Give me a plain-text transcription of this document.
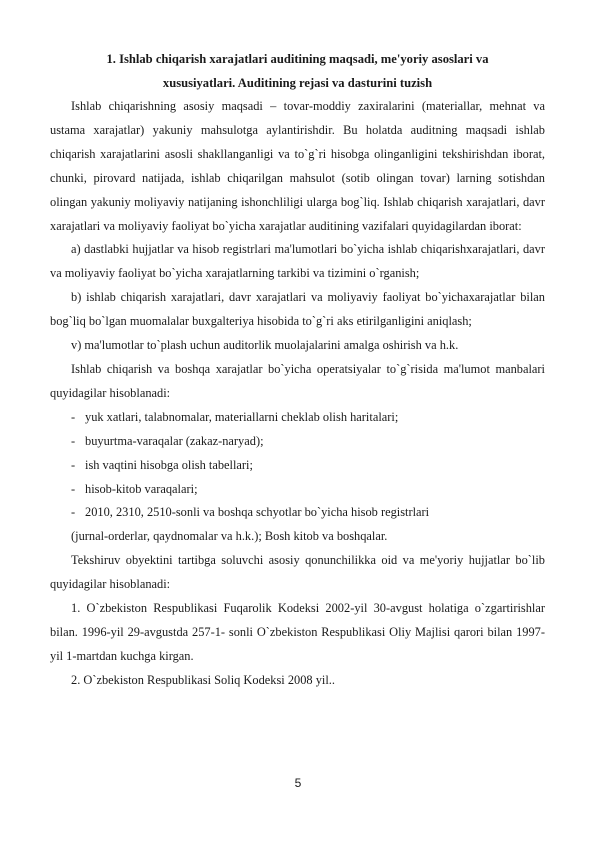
1. Ishlab chiqarish xarajatlari auditining maqsadi, me'yoriy asoslari va
xususiyatlari. Auditining rejasi va dasturini tuzish

Ishlab chiqarishning asosiy maqsadi – tovar-moddiy zaxiralarini (materiallar, mehnat va ustama xarajatlar) yakuniy mahsulotga aylantirishdir. Bu holatda auditning maqsadi ishlab chiqarish xarajatlarini asosli shakllanganligi va to`g`ri hisobga olinganligini tekshirishdan iborat, chunki, pirovard natijada, ishlab chiqarilgan mahsulot (sotib olingan tovar) larning sotishdan olingan yakuniy moliyaviy natijaning ishonchliligi ularga bog`liq. Ishlab chiqarish xarajatlari, davr xarajatlari va moliyaviy faoliyat bo`yicha xarajatlar auditining vazifalari quyidagilardan iborat:

a) dastlabki hujjatlar va hisob registrlari ma'lumotlari bo`yicha ishlab chiqarishxarajatlari, davr va moliyaviy faoliyat bo`yicha xarajatlarning tarkibi va tizimini o`rganish;

b) ishlab chiqarish xarajatlari, davr xarajatlari va moliyaviy faoliyat bo`yichaxarajatlar bilan bog`liq bo`lgan muomalalar buxgalteriya hisobida to`g`ri aks etirilganligini aniqlash;

v) ma'lumotlar to`plash uchun auditorlik muolajalarini amalga oshirish va h.k.

Ishlab chiqarish va boshqa xarajatlar bo`yicha operatsiyalar to`g`risida ma'lumot manbalari quyidagilar hisoblanadi:

- yuk xatlari, talabnomalar, materiallarni cheklab olish haritalari;
- buyurtma-varaqalar (zakaz-naryad);
- ish vaqtini hisobga olish tabellari;
- hisob-kitob varaqalari;
- 2010, 2310, 2510-sonli va boshqa schyotlar bo`yicha hisob registrlari

(jurnal-orderlar, qaydnomalar va h.k.); Bosh kitob va boshqalar.

Tekshiruv obyektini tartibga soluvchi asosiy qonunchilikka oid va me'yoriy hujjatlar bo`lib quyidagilar hisoblanadi:

1. O`zbekiston Respublikasi Fuqarolik Kodeksi 2002-yil 30-avgust holatiga o`zgartirishlar bilan. 1996-yil 29-avgustda 257-1- sonli O`zbekiston Respublikasi Oliy Majlisi qarori bilan 1997-yil 1-martdan kuchga kirgan.

2. O`zbekiston Respublikasi Soliq Kodeksi 2008 yil..

5
